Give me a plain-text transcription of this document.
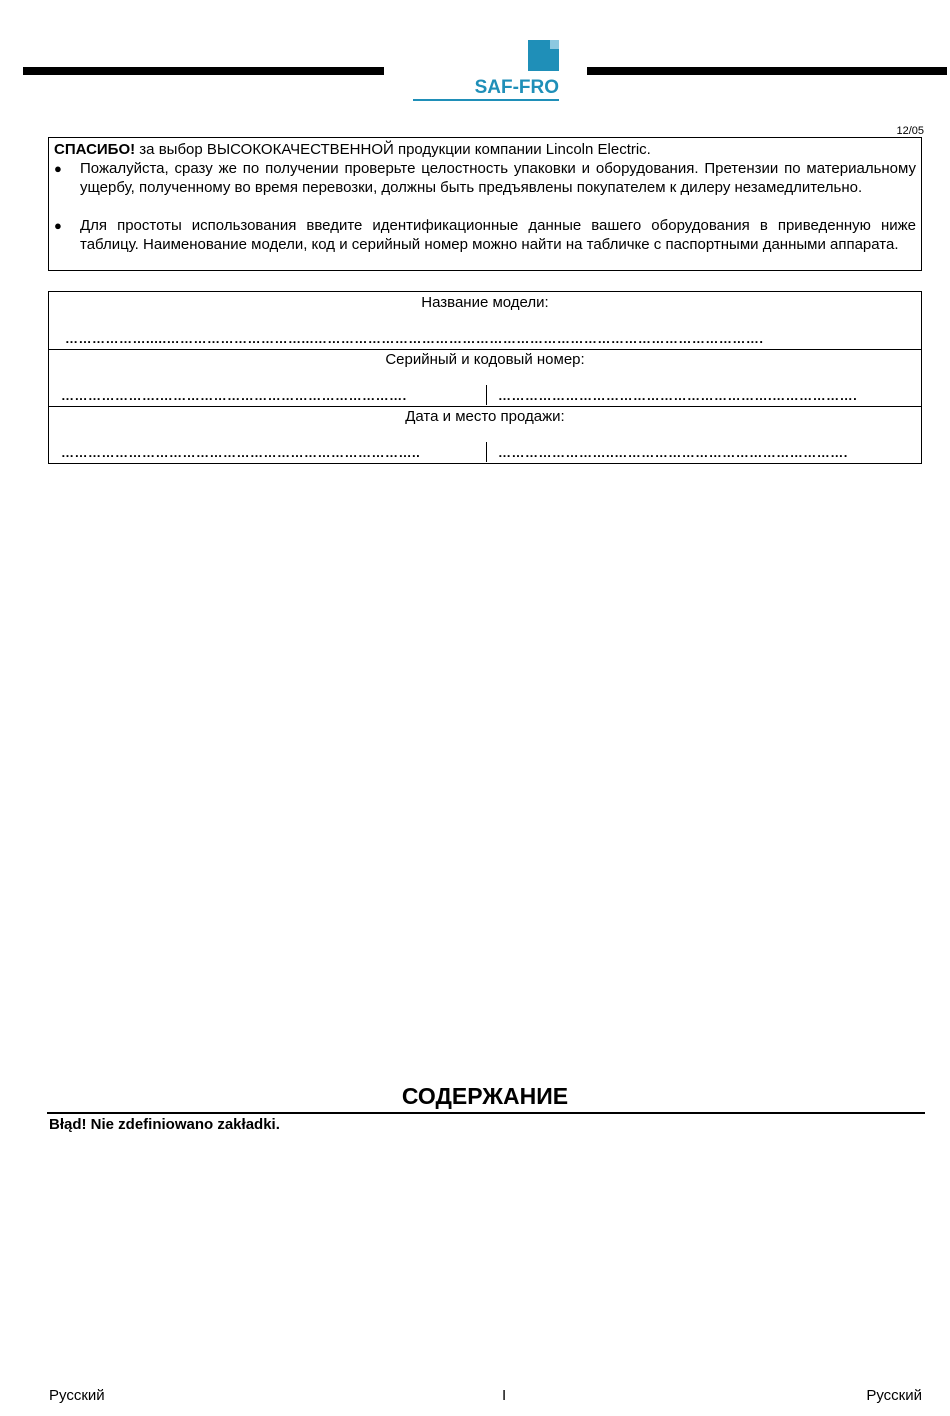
SAF-FRO
12/05
СПАСИБО! за выбор ВЫСОКОКАЧЕСТВЕННОЙ продукции компании Lincoln Electric.
● Пожалуйста, сразу же по получении проверьте целостность упаковки и оборудования. Претензии по материальному ущербу, полученному во время перевозки, должны быть предъявлены покупателем к дилеру незамедлительно.
● Для простоты использования введите идентификационные данные вашего оборудования в приведенную ниже таблицу. Наименование модели, код и серийный номер можно найти на табличке с паспортными данными аппарата.
Название модели:
……………….....…………………………...……………………………………………………………………………………….
Серийный и кодовый номер:
………………….……………………………………………….	…………………………………………………….……………….
Дата и место продажи:
……………………………………………………………………..	……………………..…………………………………………….
СОДЕРЖАНИЕ
Błąd! Nie zdefiniowano zakładki.
Русский	I	Русский
